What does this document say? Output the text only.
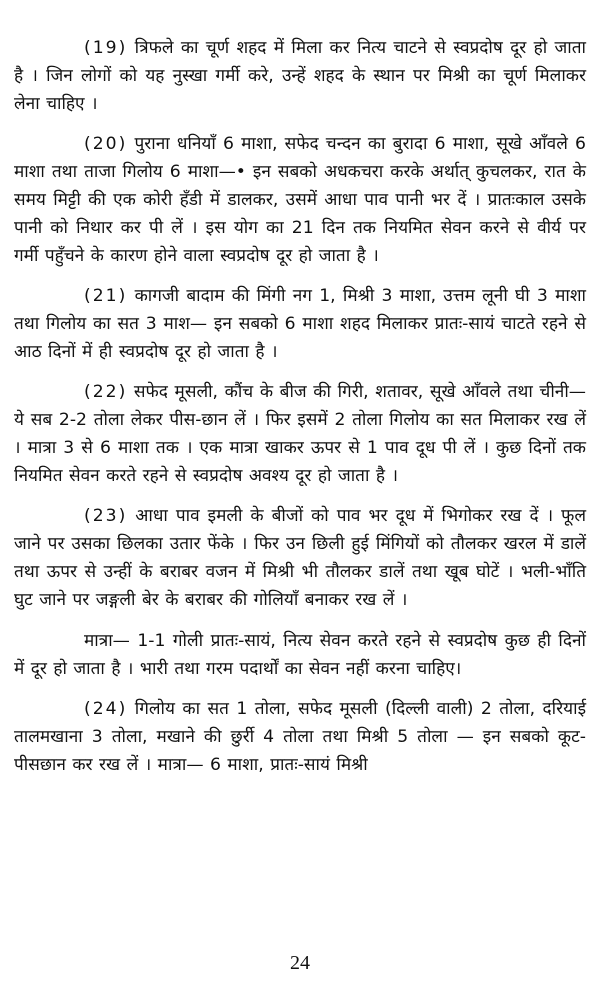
(19) त्रिफले का चूर्ण शहद में मिला कर नित्य चाटने से स्वप्रदोष दूर हो जाता है । जिन लोगों को यह नुस्खा गर्मी करे, उन्हें शहद के स्थान पर मिश्री का चूर्ण मिलाकर लेना चाहिए ।

(20) पुराना धनियाँ 6 माशा, सफेद चन्दन का बुरादा 6 माशा, सूखे आँवले 6 माशा तथा ताजा गिलोय 6 माशा—• इन सबको अधकचरा करके अर्थात् कुचलकर, रात के समय मिट्टी की एक कोरी हँडी में डालकर, उसमें आधा पाव पानी भर दें । प्रातःकाल उसके पानी को निथार कर पी लें । इस योग का 21 दिन तक नियमित सेवन करने से वीर्य पर गर्मी पहुँचने के कारण होने वाला स्वप्रदोष दूर हो जाता है ।

(21) कागजी बादाम की मिंगी नग 1, मिश्री 3 माशा, उत्तम लूनी घी 3 माशा तथा गिलोय का सत 3 माश— इन सबको 6 माशा शहद मिलाकर प्रातः-सायं चाटते रहने से आठ दिनों में ही स्वप्रदोष दूर हो जाता है ।

(22) सफेद मूसली, कौंच के बीज की गिरी, शतावर, सूखे आँवले तथा चीनी— ये सब 2-2 तोला लेकर पीस-छान लें । फिर इसमें 2 तोला गिलोय का सत मिलाकर रख लें । मात्रा 3 से 6 माशा तक । एक मात्रा खाकर ऊपर से 1 पाव दूध पी लें । कुछ दिनों तक नियमित सेवन करते रहने से स्वप्रदोष अवश्य दूर हो जाता है ।

(23) आधा पाव इमली के बीजों को पाव भर दूध में भिगोकर रख दें । फूल जाने पर उसका छिलका उतार फेंके । फिर उन छिली हुई मिंगियों को तौलकर खरल में डालें तथा ऊपर से उन्हीं के बराबर वजन में मिश्री भी तौलकर डालें तथा खूब घोटें । भली-भाँति घुट जाने पर जङ्गली बेर के बराबर की गोलियाँ बनाकर रख लें ।

मात्रा— 1-1 गोली प्रातः-सायं, नित्य सेवन करते रहने से स्वप्रदोष कुछ ही दिनों में दूर हो जाता है । भारी तथा गरम पदार्थों का सेवन नहीं करना चाहिए।

(24) गिलोय का सत 1 तोला, सफेद मूसली (दिल्ली वाली) 2 तोला, दरियाई तालमखाना 3 तोला, मखाने की छुर्री 4 तोला तथा मिश्री 5 तोला — इन सबको कूट-पीसछान कर रख लें । मात्रा— 6 माशा, प्रातः-सायं मिश्री

24
